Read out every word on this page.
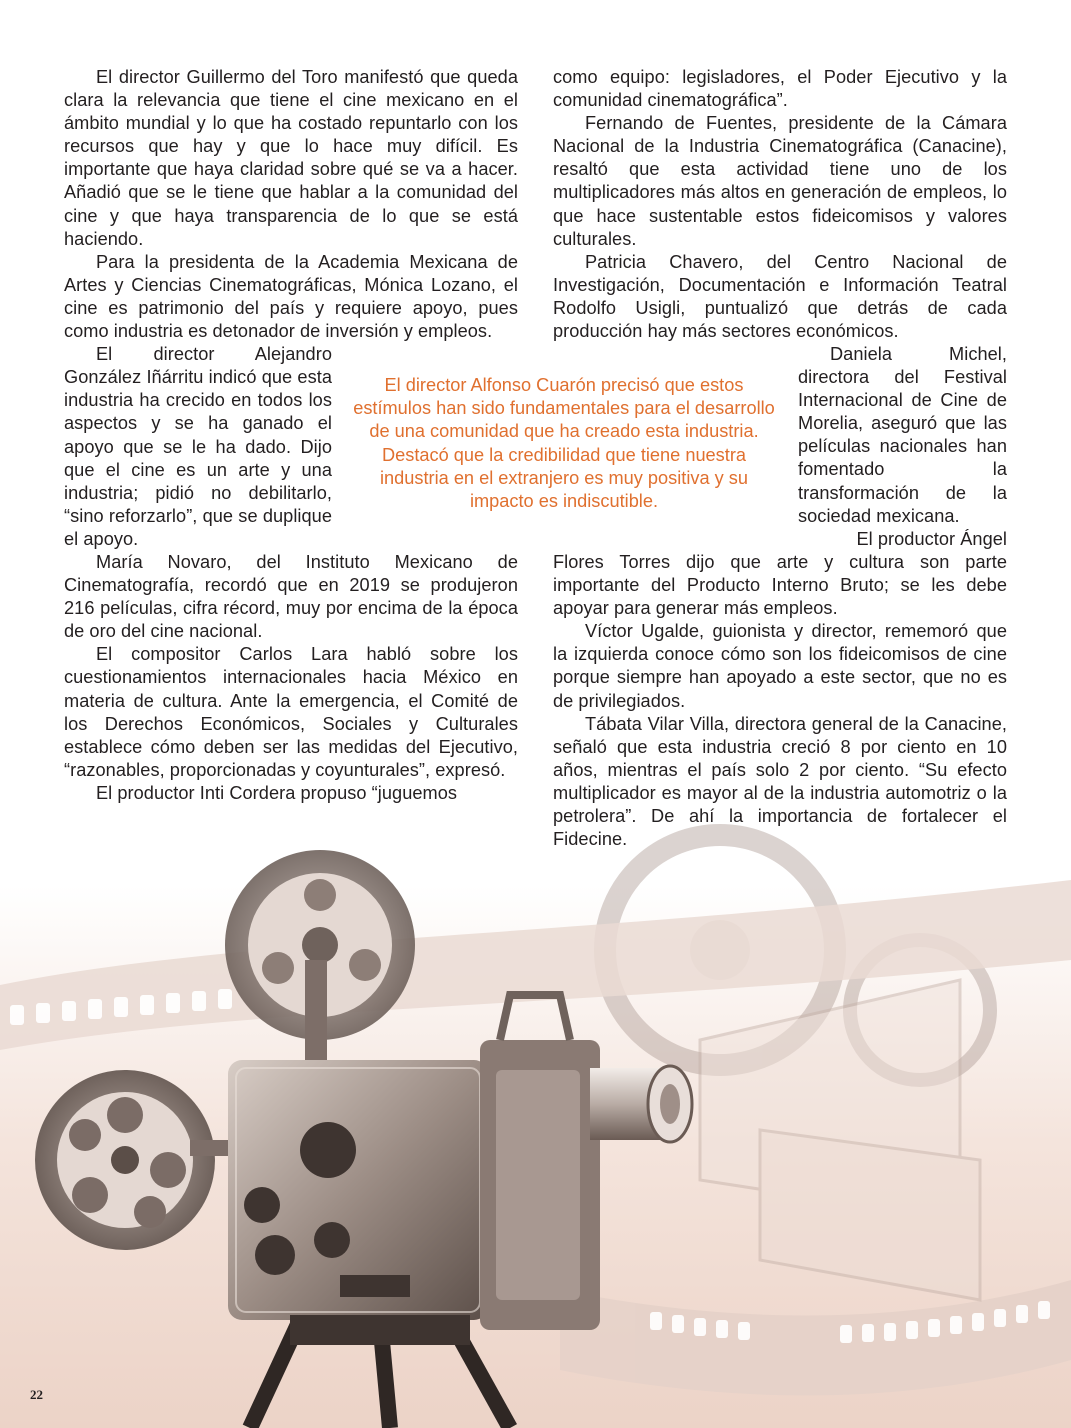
El director Guillermo del Toro manifestó que queda clara la relevancia que tiene el cine mexicano en el ámbito mundial y lo que ha costado repuntarlo con los recursos que hay y que lo hace muy difícil. Es importante que haya claridad sobre qué se va a hacer. Añadió que se le tiene que hablar a la comunidad del cine y que haya transparencia de lo que se está haciendo.

Para la presidenta de la Academia Mexicana de Artes y Ciencias Cinematográficas, Mónica Lozano, el cine es patrimonio del país y requiere apoyo, pues como industria es detonador de inversión y empleos.

El director Alejandro González Iñárritu indicó que esta industria ha crecido en todos los aspectos y se ha ganado el apoyo que se le ha dado. Dijo que el cine es un arte y una industria; pidió no debilitarlo, “sino reforzarlo”, que se duplique el apoyo.

María Novaro, del Instituto Mexicano de Cinematografía, recordó que en 2019 se produjeron 216 películas, cifra récord, muy por encima de la época de oro del cine nacional.

El compositor Carlos Lara habló sobre los cuestionamientos internacionales hacia México en materia de cultura. Ante la emergencia, el Comité de los Derechos Económicos, Sociales y Culturales establece cómo deben ser las medidas del Ejecutivo, “razonables, proporcionadas y coyunturales”, expresó.

El productor Inti Cordera propuso “juguemos

como equipo: legisladores, el Poder Ejecutivo y la comunidad cinematográfica”.

Fernando de Fuentes, presidente de la Cámara Nacional de la Industria Cinematográfica (Canacine), resaltó que esta actividad tiene uno de los multiplicadores más altos en generación de empleos, lo que hace sustentable estos fideicomisos y valores culturales.

Patricia Chavero, del Centro Nacional de Investigación, Documentación e Información Teatral Rodolfo Usigli, puntualizó que detrás de cada producción hay más sectores económicos.

Daniela Michel, directora del Festival Internacional de Cine de Morelia, aseguró que las películas nacionales han fomentado la transformación de la sociedad mexicana.

El productor Ángel

Flores Torres dijo que arte y cultura son parte importante del Producto Interno Bruto; se les debe apoyar para generar más empleos.

Víctor Ugalde, guionista y director, rememoró que la izquierda conoce cómo son los fideicomisos de cine porque siempre han apoyado a este sector, que no es de privilegiados.

Tábata Vilar Villa, directora general de la Canacine, señaló que esta industria creció 8 por ciento en 10 años, mientras el país solo 2 por ciento. “Su efecto multiplicador es mayor al de la industria automotriz o la petrolera”. De ahí la importancia de fortalecer el Fidecine.

El director Alfonso Cuarón precisó que estos estímulos han sido fundamentales para el desarrollo de una comunidad que ha creado esta industria. Destacó que la credibilidad que tiene nuestra industria en el extranjero es muy positiva y su impacto es indiscutible.

22
